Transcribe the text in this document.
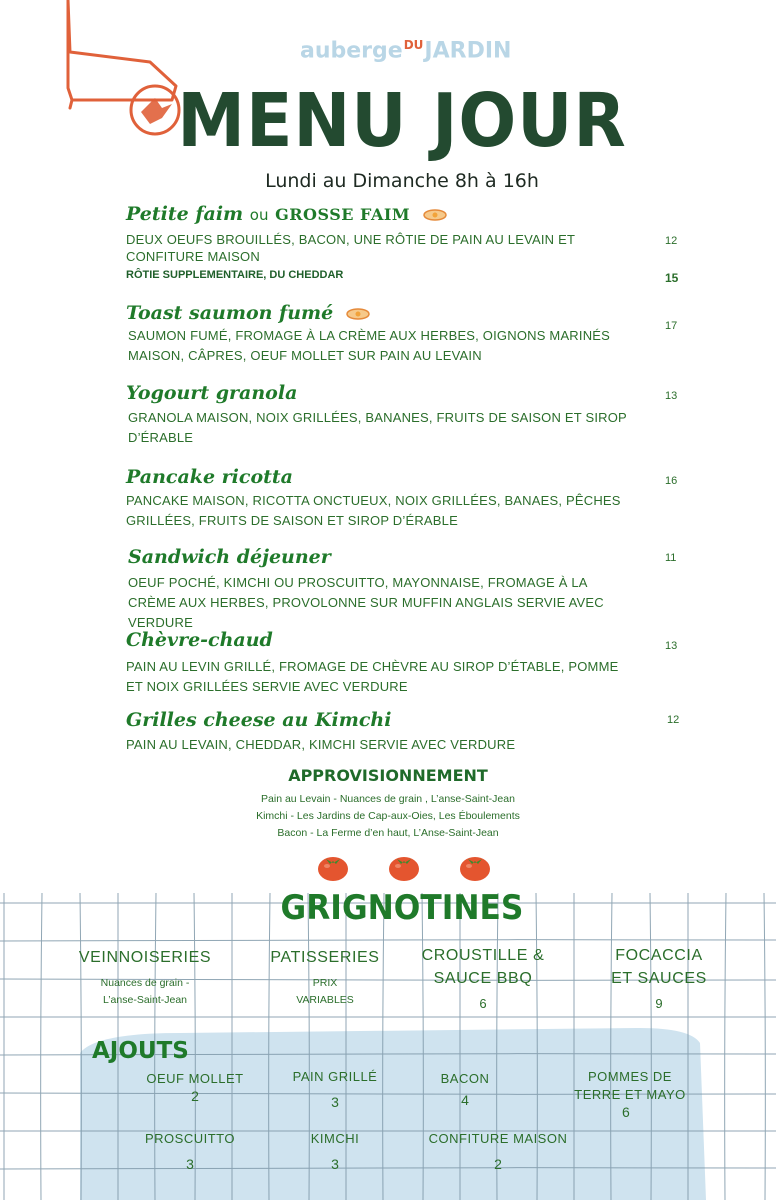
auberge$^{DU}$JARDIN
MENU JOUR
Lundi au Dimanche 8h à 16h
Petite faim ou GROSSE FAIM
DEUX OEUFS BROUILLÉS, BACON, UNE RÔTIE DE PAIN AU LEVAIN ET CONFITURE MAISON
RÔTIE SUPPLEMENTAIRE, DU CHEDDAR
12
15
Toast saumon fumé
SAUMON FUMÉ, FROMAGE À LA CRÈME AUX HERBES, OIGNONS MARINÉS MAISON, CÂPRES, OEUF MOLLET SUR PAIN AU LEVAIN
17
Yogourt granola
GRANOLA MAISON, NOIX GRILLÉES, BANANES, FRUITS DE SAISON ET SIROP D’ÉRABLE
13
Pancake ricotta
PANCAKE MAISON, RICOTTA ONCTUEUX, NOIX GRILLÉES, BANAES, PÊCHES GRILLÉES, FRUITS DE SAISON ET SIROP D’ÉRABLE
16
Sandwich déjeuner
OEUF POCHÉ, KIMCHI OU PROSCUITTO, MAYONNAISE, FROMAGE À LA CRÈME AUX HERBES, PROVOLONNE SUR MUFFIN ANGLAIS SERVIE AVEC VERDURE
11
Chèvre-chaud
PAIN AU LEVIN GRILLÉ, FROMAGE DE CHÈVRE AU SIROP D’ÉTABLE, POMME ET NOIX GRILLÉES SERVIE AVEC VERDURE
13
Grilles cheese au Kimchi
PAIN AU LEVAIN, CHEDDAR, KIMCHI SERVIE AVEC VERDURE
12
APPROVISIONNEMENT
Pain au Levain - Nuances de grain , L’anse-Saint-Jean
Kimchi - Les Jardins de Cap-aux-Oies, Les Éboulements
Bacon - La Ferme d’en haut, L’Anse-Saint-Jean
GRIGNOTINES
VEINNOISERIES
Nuances de grain -
L’anse-Saint-Jean
PATISSERIES
PRIX
VARIABLES
CROUSTILLE &
SAUCE BBQ
6
FOCACCIA
ET SAUCES
9
AJOUTS
OEUF MOLLET
2
PAIN GRILLÉ
3
BACON
4
POMMES DE
TERRE ET MAYO
6
PROSCUITTO
3
KIMCHI
3
CONFITURE MAISON
2
